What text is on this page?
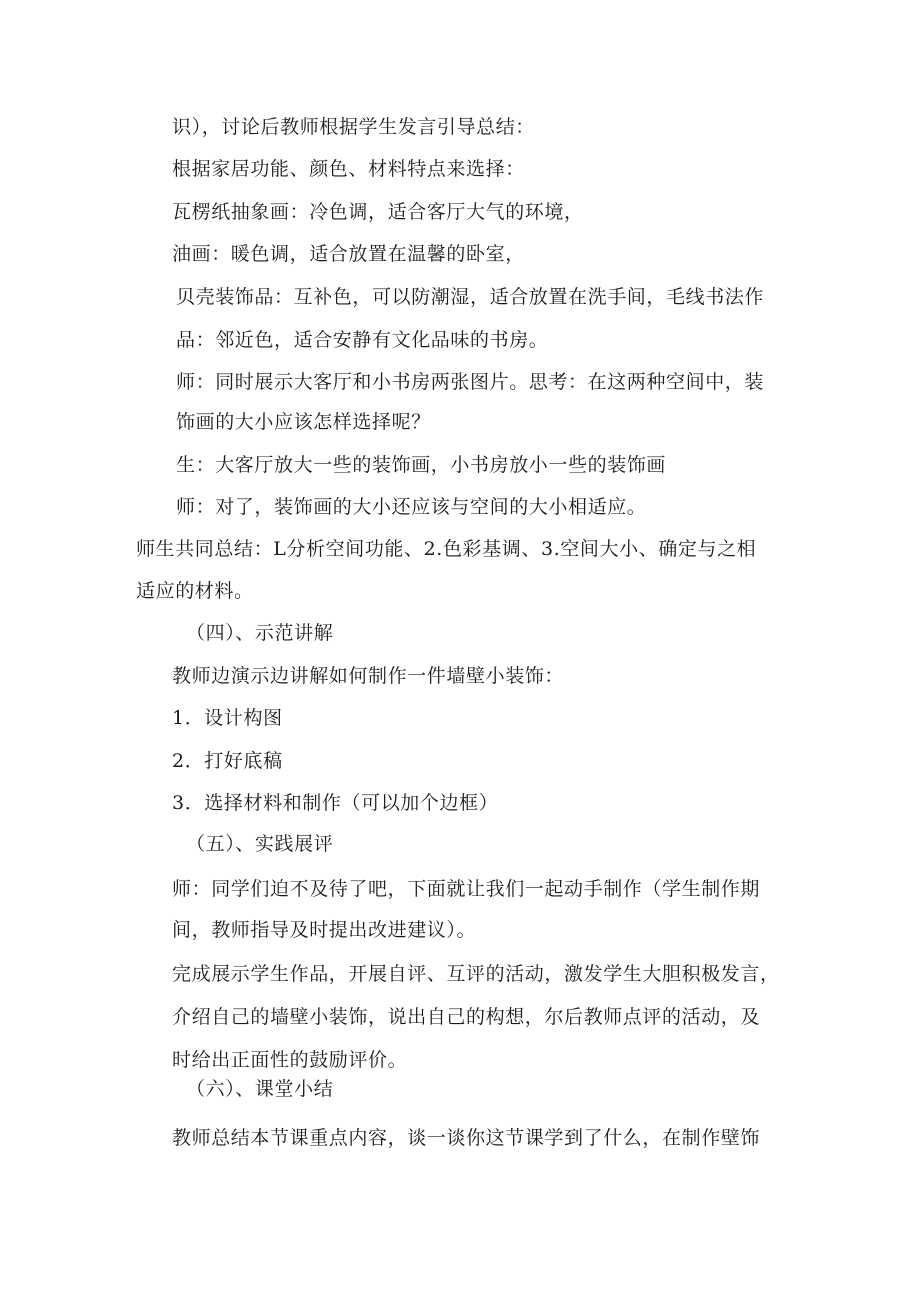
识），讨论后教师根据学生发言引导总结：
根据家居功能、颜色、材料特点来选择：
瓦楞纸抽象画：冷色调，适合客厅大气的环境，
油画：暖色调，适合放置在温馨的卧室，
贝壳装饰品：互补色，可以防潮湿，适合放置在洗手间，毛线书法作
品：邻近色，适合安静有文化品味的书房。
师：同时展示大客厅和小书房两张图片。思考：在这两种空间中，装
饰画的大小应该怎样选择呢？
生：大客厅放大一些的装饰画，小书房放小一些的装饰画
师：对了，装饰画的大小还应该与空间的大小相适应。
师生共同总结：L分析空间功能、2.色彩基调、3.空间大小、确定与之相
适应的材料。
（四）、示范讲解
教师边演示边讲解如何制作一件墙壁小装饰：
1．设计构图
2．打好底稿
3．选择材料和制作（可以加个边框）
（五）、实践展评
师：同学们迫不及待了吧，下面就让我们一起动手制作（学生制作期
间，教师指导及时提出改进建议）。
完成展示学生作品，开展自评、互评的活动，激发学生大胆积极发言，
介绍自己的墙壁小装饰，说出自己的构想，尔后教师点评的活动，及
时给出正面性的鼓励评价。
（六）、课堂小结
教师总结本节课重点内容，谈一谈你这节课学到了什么，在制作壁饰
